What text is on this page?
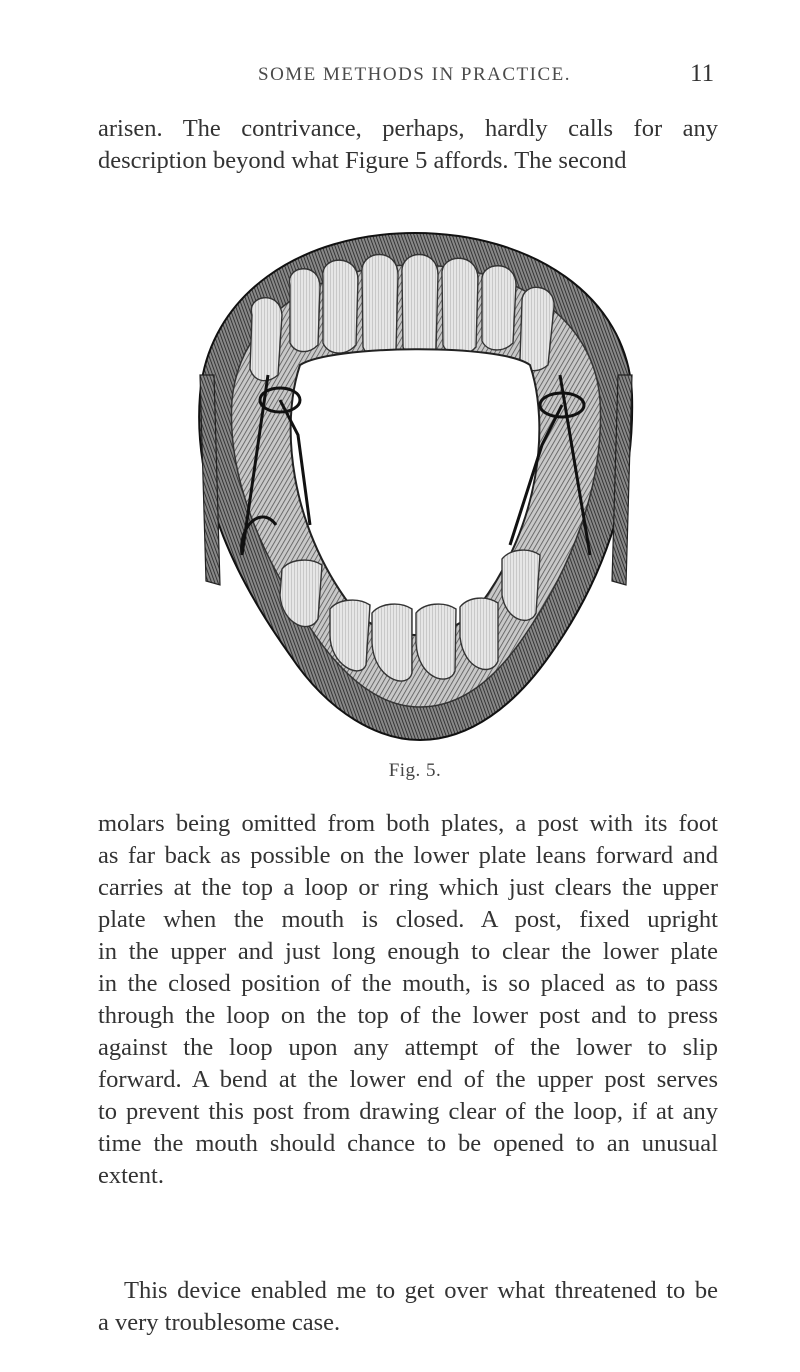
SOME METHODS IN PRACTICE.	11

arisen. The contrivance, perhaps, hardly calls for any
description beyond what Figure 5 affords. The second

Fig. 5.

molars being omitted from both plates, a post with its foot
as far back as possible on the lower plate leans forward and
carries at the top a loop or ring which just clears the upper
plate when the mouth is closed. A post, fixed upright
in the upper and just long enough to clear the lower plate
in the closed position of the mouth, is so placed as to pass
through the loop on the top of the lower post and to press
against the loop upon any attempt of the lower to slip
forward. A bend at the lower end of the upper post serves
to prevent this post from drawing clear of the loop, if at any
time the mouth should chance to be opened to an unusual
extent.

This device enabled me to get over what threatened to be
a very troublesome case.
